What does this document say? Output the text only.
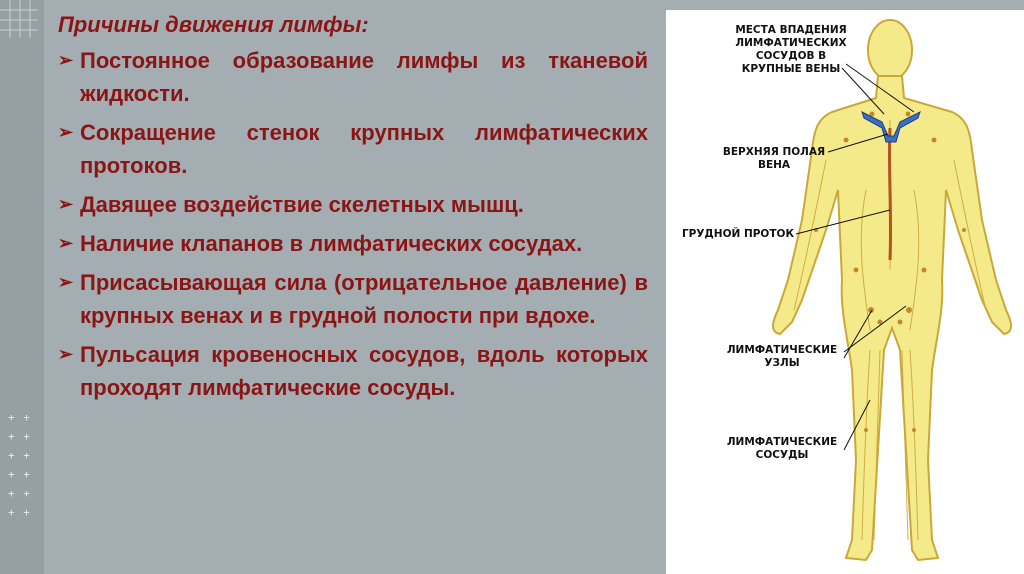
+ +
+ +
+ +
+ +
+ +
+ +
Причины движения лимфы:
➢ Постоянное образование лимфы из тканевой жидкости.
➢ Сокращение стенок крупных лимфатических протоков.
➢ Давящее воздействие скелетных мышц.
➢ Наличие клапанов в лимфатических сосудах.
➢ Присасывающая сила (отрицательное давление) в крупных венах и в грудной полости при вдохе.
➢ Пульсация кровеносных сосудов, вдоль которых проходят лимфатические сосуды.
МЕСТА ВПАДЕНИЯ
ЛИМФАТИЧЕСКИХ
СОСУДОВ В
КРУПНЫЕ ВЕНЫ
ВЕРХНЯЯ ПОЛАЯ
ВЕНА
ГРУДНОЙ ПРОТОК
ЛИМФАТИЧЕСКИЕ
УЗЛЫ
ЛИМФАТИЧЕСКИЕ
СОСУДЫ
